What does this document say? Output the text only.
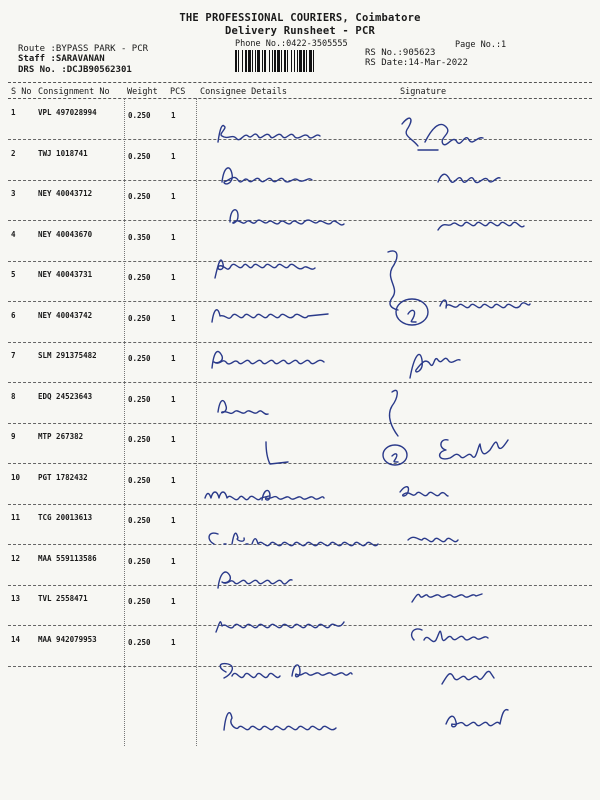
THE PROFESSIONAL COURIERS, Coimbatore
Delivery Runsheet - PCR
Phone No.:0422-3505555	Page No.:1
Route :BYPASS PARK - PCR
Staff :SARAVANAN
DRS No. :DCJB90562301
RS No.:905623
RS Date:14-Mar-2022
S No Consignment No Weight PCS Consignee Details	Signature
1	VPL 497028994	0.250	1
2	TWJ 1018741	0.250	1
3	NEY 40043712	0.250	1
4	NEY 40043670	0.350	1
5	NEY 40043731	0.250	1
6	NEY 40043742	0.250	1
7	SLM 291375482	0.250	1
8	EDQ 24523643	0.250	1
9	MTP 267382	0.250	1
10 PGT 1782432	0.250	1
11 TCG 20013613	0.250	1
12 MAA 559113586	0.250	1
13 TVL 2558471	0.250	1
14 MAA 942079953	0.250	1
